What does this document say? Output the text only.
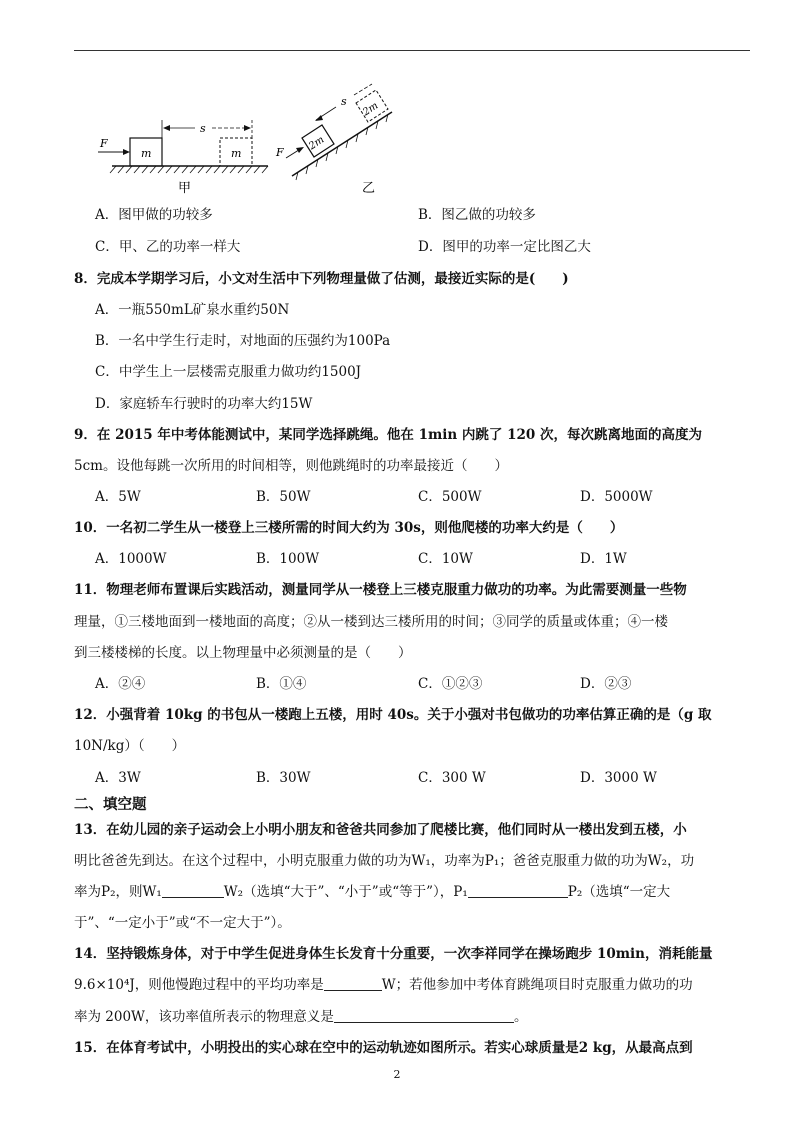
m	m
F
s
甲
2m
2m
F
s
乙
A．图甲做的功较多	B．图乙做的功较多
C．甲、乙的功率一样大	D．图甲的功率一定比图乙大
8．完成本学期学习后，小文对生活中下列物理量做了估测，最接近实际的是(　　)
A．一瓶550mL矿泉水重约50N
B．一名中学生行走时，对地面的压强约为100Pa
C．中学生上一层楼需克服重力做功约1500J
D．家庭轿车行驶时的功率大约15W
9．在 2015 年中考体能测试中，某同学选择跳绳。他在 1min 内跳了 120 次，每次跳离地面的高度为
5cm。设他每跳一次所用的时间相等，则他跳绳时的功率最接近（　　）
A．5W	B．50W	C．500W	D．5000W
10．一名初二学生从一楼登上三楼所需的时间大约为 30s，则他爬楼的功率大约是（　　）
A．1000W	B．100W	C．10W	D．1W
11．物理老师布置课后实践活动，测量同学从一楼登上三楼克服重力做功的功率。为此需要测量一些物
理量，①三楼地面到一楼地面的高度；②从一楼到达三楼所用的时间；③同学的质量或体重；④一楼
到三楼楼梯的长度。以上物理量中必须测量的是（　　）
A．②④	B．①④	C．①②③	D．②③
12．小强背着 10kg 的书包从一楼跑上五楼，用时 40s。关于小强对书包做功的功率估算正确的是（g 取
10N/kg）（　　）
A．3W	B．30W	C．300 W	D．3000 W
二、填空题
13．在幼儿园的亲子运动会上小明小朋友和爸爸共同参加了爬楼比赛，他们同时从一楼出发到五楼，小
明比爸爸先到达。在这个过程中，小明克服重力做的功为W₁，功率为P₁；爸爸克服重力做的功为W₂，功
率为P₂，则W₁	W₂（选填“大于”、“小于”或“等于”），P₁	P₂（选填“一定大
于”、“一定小于”或“不一定大于”）。
14．坚持锻炼身体，对于中学生促进身体生长发育十分重要，一次李祥同学在操场跑步 10min，消耗能量
9.6×10⁴J，则他慢跑过程中的平均功率是	W；若他参加中考体育跳绳项目时克服重力做功的功
率为 200W，该功率值所表示的物理意义是	。
15．在体育考试中，小明投出的实心球在空中的运动轨迹如图所示。若实心球质量是2 kg，从最高点到
2
